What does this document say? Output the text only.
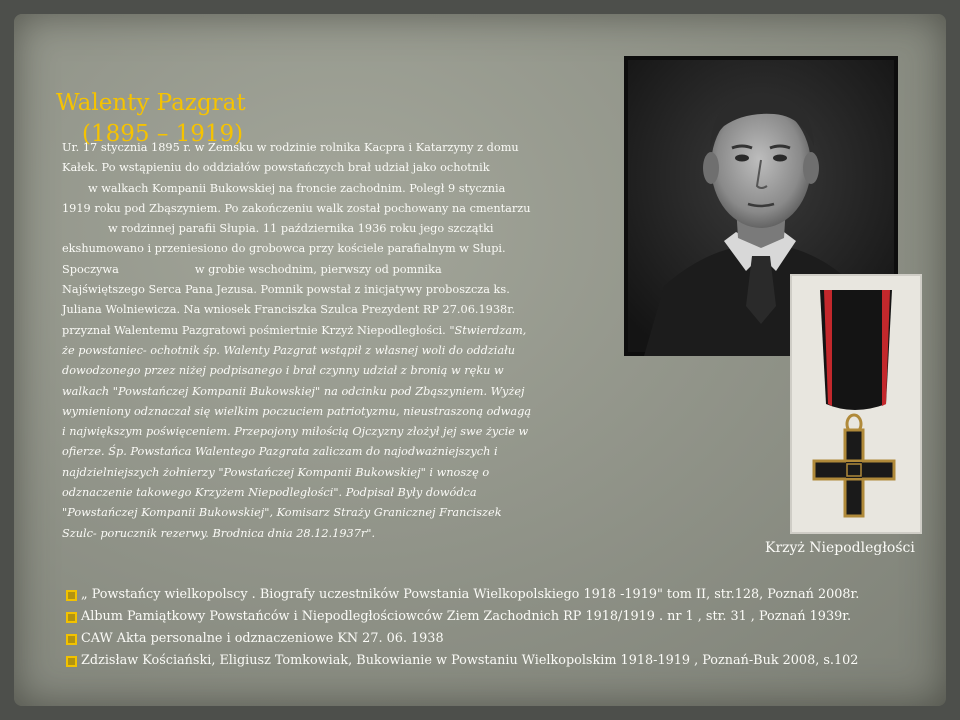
Walenty Pazgrat
(1895 – 1919)

Ur. 17 stycznia 1895 r. w Zemsku w rodzinie rolnika Kacpra i Katarzyny z domu

Kałek. Po wstąpieniu do oddziałów powstańczych brał udział jako ochotnik

w walkach Kompanii Bukowskiej na froncie zachodnim. Poległ 9 stycznia

1919 roku pod Zbąszyniem. Po zakończeniu walk został pochowany na cmentarzu

w rodzinnej parafii Słupia. 11 października 1936 roku jego szczątki

ekshumowano i przeniesiono do grobowca przy kościele parafialnym w Słupi.

Spoczywa	w grobie wschodnim, pierwszy od pomnika

Najświętszego Serca Pana Jezusa. Pomnik powstał z inicjatywy proboszcza ks.

Juliana Wolniewicza. Na wniosek Franciszka Szulca Prezydent RP 27.06.1938r.

przyznał Walentemu Pazgratowi pośmiertnie Krzyż Niepodległości. "Stwierdzam,

że powstaniec- ochotnik śp. Walenty Pazgrat wstąpił z własnej woli do oddziału

dowodzonego przez niżej podpisanego i brał czynny udział z bronią w ręku w

walkach "Powstańczej Kompanii Bukowskiej" na odcinku pod Zbąszyniem. Wyżej

wymieniony odznaczał się wielkim poczuciem patriotyzmu, nieustraszoną odwagą

i największym poświęceniem. Przepojony miłością Ojczyzny złożył jej swe życie w

ofierze. Śp. Powstańca Walentego Pazgrata zaliczam do najodważniejszych i

najdzielniejszych żołnierzy "Powstańczej Kompanii Bukowskiej" i wnoszę o

odznaczenie takowego Krzyżem Niepodległości". Podpisał Były dowódca

"Powstańczej Kompanii Bukowskiej", Komisarz Straży Granicznej Franciszek

Szulc- porucznik rezerwy. Brodnica dnia 28.12.1937r".

Krzyż Niepodległości
„ Powstańcy wielkopolscy . Biografy uczestników Powstania Wielkopolskiego 1918 -1919" tom II, str.128, Poznań 2008r.
Album Pamiątkowy Powstańców i Niepodległościowców Ziem Zachodnich RP 1918/1919 . nr 1 , str. 31 , Poznań 1939r.
CAW Akta personalne i odznaczeniowe KN 27. 06. 1938
Zdzisław Kościański, Eligiusz Tomkowiak, Bukowianie w Powstaniu Wielkopolskim 1918-1919 , Poznań-Buk 2008, s.102
